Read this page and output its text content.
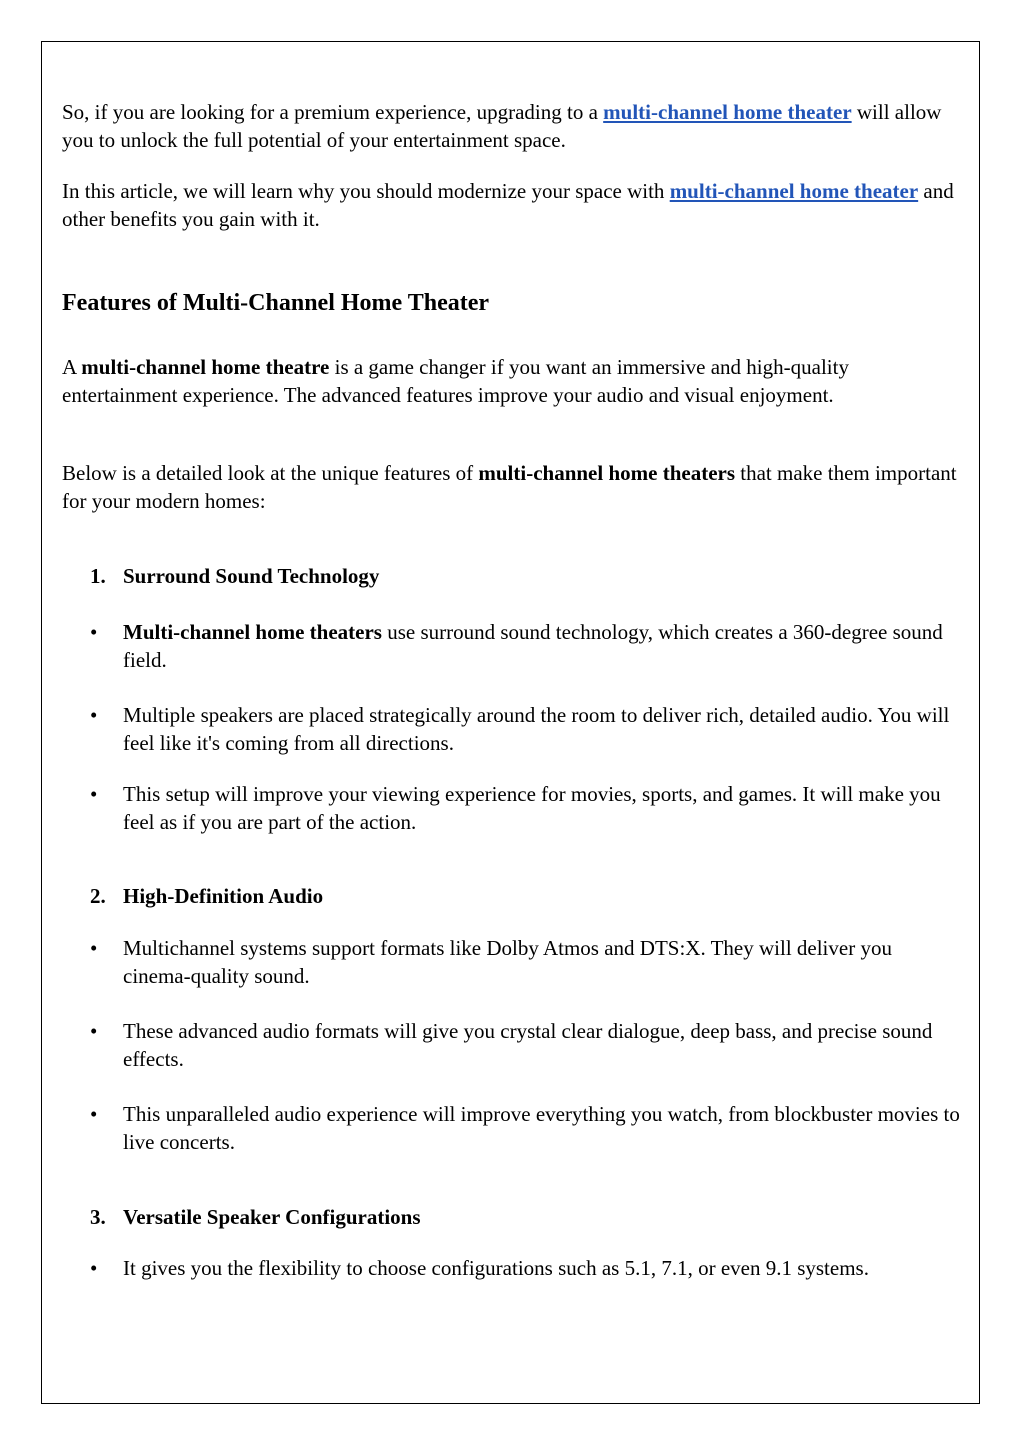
So, if you are looking for a premium experience, upgrading to a multi-channel home theater will allow you to unlock the full potential of your entertainment space.

In this article, we will learn why you should modernize your space with multi-channel home theater and other benefits you gain with it.

Features of Multi-Channel Home Theater

A multi-channel home theatre is a game changer if you want an immersive and high-quality entertainment experience. The advanced features improve your audio and visual enjoyment.

Below is a detailed look at the unique features of multi-channel home theaters that make them important for your modern homes:

1. Surround Sound Technology
• Multi-channel home theaters use surround sound technology, which creates a 360-degree sound field.

• Multiple speakers are placed strategically around the room to deliver rich, detailed audio. You will feel like it's coming from all directions.

• This setup will improve your viewing experience for movies, sports, and games. It will make you feel as if you are part of the action.

2. High-Definition Audio
• Multichannel systems support formats like Dolby Atmos and DTS:X. They will deliver you cinema-quality sound.

• These advanced audio formats will give you crystal clear dialogue, deep bass, and precise sound effects.

• This unparalleled audio experience will improve everything you watch, from blockbuster movies to live concerts.

3. Versatile Speaker Configurations
• It gives you the flexibility to choose configurations such as 5.1, 7.1, or even 9.1 systems.
